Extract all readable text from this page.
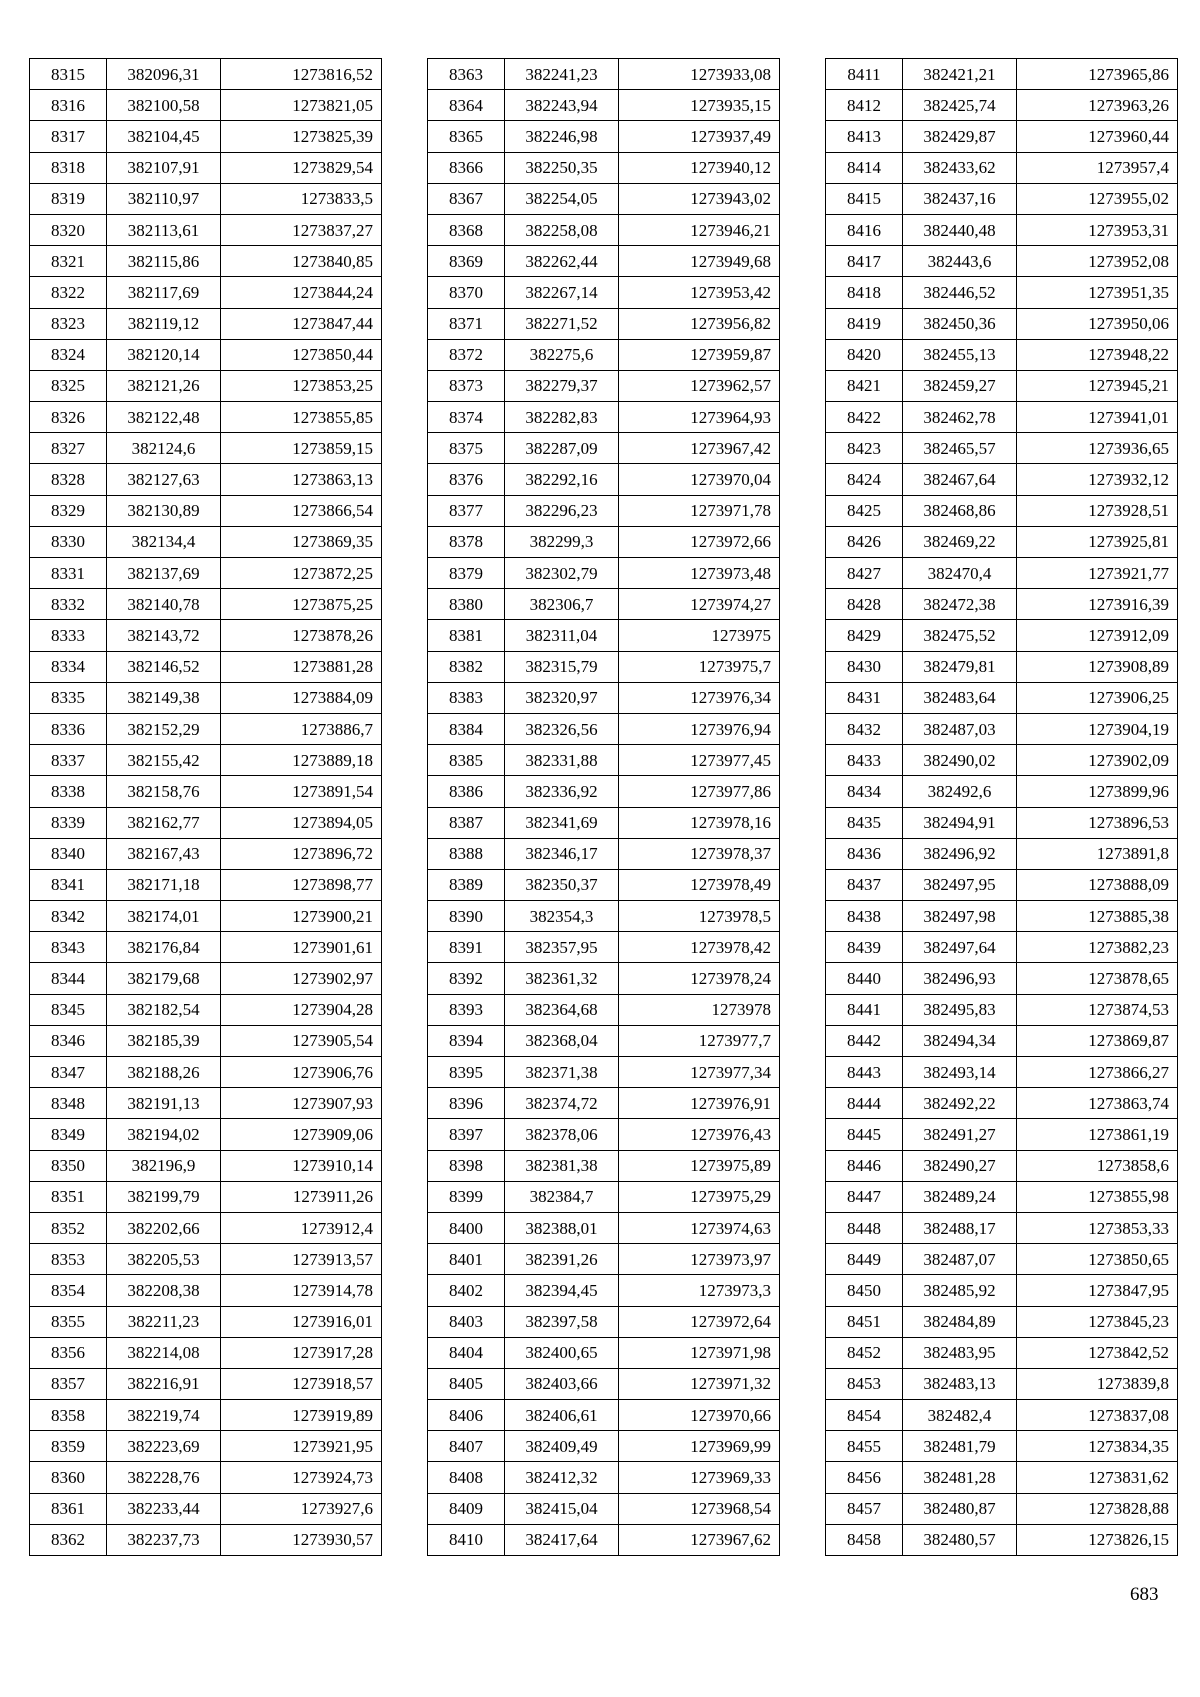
8315	382096,31	1273816,52
8316	382100,58	1273821,05
8317	382104,45	1273825,39
8318	382107,91	1273829,54
8319	382110,97	1273833,5
8320	382113,61	1273837,27
8321	382115,86	1273840,85
8322	382117,69	1273844,24
8323	382119,12	1273847,44
8324	382120,14	1273850,44
8325	382121,26	1273853,25
8326	382122,48	1273855,85
8327	382124,6	1273859,15
8328	382127,63	1273863,13
8329	382130,89	1273866,54
8330	382134,4	1273869,35
8331	382137,69	1273872,25
8332	382140,78	1273875,25
8333	382143,72	1273878,26
8334	382146,52	1273881,28
8335	382149,38	1273884,09
8336	382152,29	1273886,7
8337	382155,42	1273889,18
8338	382158,76	1273891,54
8339	382162,77	1273894,05
8340	382167,43	1273896,72
8341	382171,18	1273898,77
8342	382174,01	1273900,21
8343	382176,84	1273901,61
8344	382179,68	1273902,97
8345	382182,54	1273904,28
8346	382185,39	1273905,54
8347	382188,26	1273906,76
8348	382191,13	1273907,93
8349	382194,02	1273909,06
8350	382196,9	1273910,14
8351	382199,79	1273911,26
8352	382202,66	1273912,4
8353	382205,53	1273913,57
8354	382208,38	1273914,78
8355	382211,23	1273916,01
8356	382214,08	1273917,28
8357	382216,91	1273918,57
8358	382219,74	1273919,89
8359	382223,69	1273921,95
8360	382228,76	1273924,73
8361	382233,44	1273927,6
8362	382237,73	1273930,57
8363	382241,23	1273933,08
8364	382243,94	1273935,15
8365	382246,98	1273937,49
8366	382250,35	1273940,12
8367	382254,05	1273943,02
8368	382258,08	1273946,21
8369	382262,44	1273949,68
8370	382267,14	1273953,42
8371	382271,52	1273956,82
8372	382275,6	1273959,87
8373	382279,37	1273962,57
8374	382282,83	1273964,93
8375	382287,09	1273967,42
8376	382292,16	1273970,04
8377	382296,23	1273971,78
8378	382299,3	1273972,66
8379	382302,79	1273973,48
8380	382306,7	1273974,27
8381	382311,04	1273975
8382	382315,79	1273975,7
8383	382320,97	1273976,34
8384	382326,56	1273976,94
8385	382331,88	1273977,45
8386	382336,92	1273977,86
8387	382341,69	1273978,16
8388	382346,17	1273978,37
8389	382350,37	1273978,49
8390	382354,3	1273978,5
8391	382357,95	1273978,42
8392	382361,32	1273978,24
8393	382364,68	1273978
8394	382368,04	1273977,7
8395	382371,38	1273977,34
8396	382374,72	1273976,91
8397	382378,06	1273976,43
8398	382381,38	1273975,89
8399	382384,7	1273975,29
8400	382388,01	1273974,63
8401	382391,26	1273973,97
8402	382394,45	1273973,3
8403	382397,58	1273972,64
8404	382400,65	1273971,98
8405	382403,66	1273971,32
8406	382406,61	1273970,66
8407	382409,49	1273969,99
8408	382412,32	1273969,33
8409	382415,04	1273968,54
8410	382417,64	1273967,62
8411	382421,21	1273965,86
8412	382425,74	1273963,26
8413	382429,87	1273960,44
8414	382433,62	1273957,4
8415	382437,16	1273955,02
8416	382440,48	1273953,31
8417	382443,6	1273952,08
8418	382446,52	1273951,35
8419	382450,36	1273950,06
8420	382455,13	1273948,22
8421	382459,27	1273945,21
8422	382462,78	1273941,01
8423	382465,57	1273936,65
8424	382467,64	1273932,12
8425	382468,86	1273928,51
8426	382469,22	1273925,81
8427	382470,4	1273921,77
8428	382472,38	1273916,39
8429	382475,52	1273912,09
8430	382479,81	1273908,89
8431	382483,64	1273906,25
8432	382487,03	1273904,19
8433	382490,02	1273902,09
8434	382492,6	1273899,96
8435	382494,91	1273896,53
8436	382496,92	1273891,8
8437	382497,95	1273888,09
8438	382497,98	1273885,38
8439	382497,64	1273882,23
8440	382496,93	1273878,65
8441	382495,83	1273874,53
8442	382494,34	1273869,87
8443	382493,14	1273866,27
8444	382492,22	1273863,74
8445	382491,27	1273861,19
8446	382490,27	1273858,6
8447	382489,24	1273855,98
8448	382488,17	1273853,33
8449	382487,07	1273850,65
8450	382485,92	1273847,95
8451	382484,89	1273845,23
8452	382483,95	1273842,52
8453	382483,13	1273839,8
8454	382482,4	1273837,08
8455	382481,79	1273834,35
8456	382481,28	1273831,62
8457	382480,87	1273828,88
8458	382480,57	1273826,15
683
